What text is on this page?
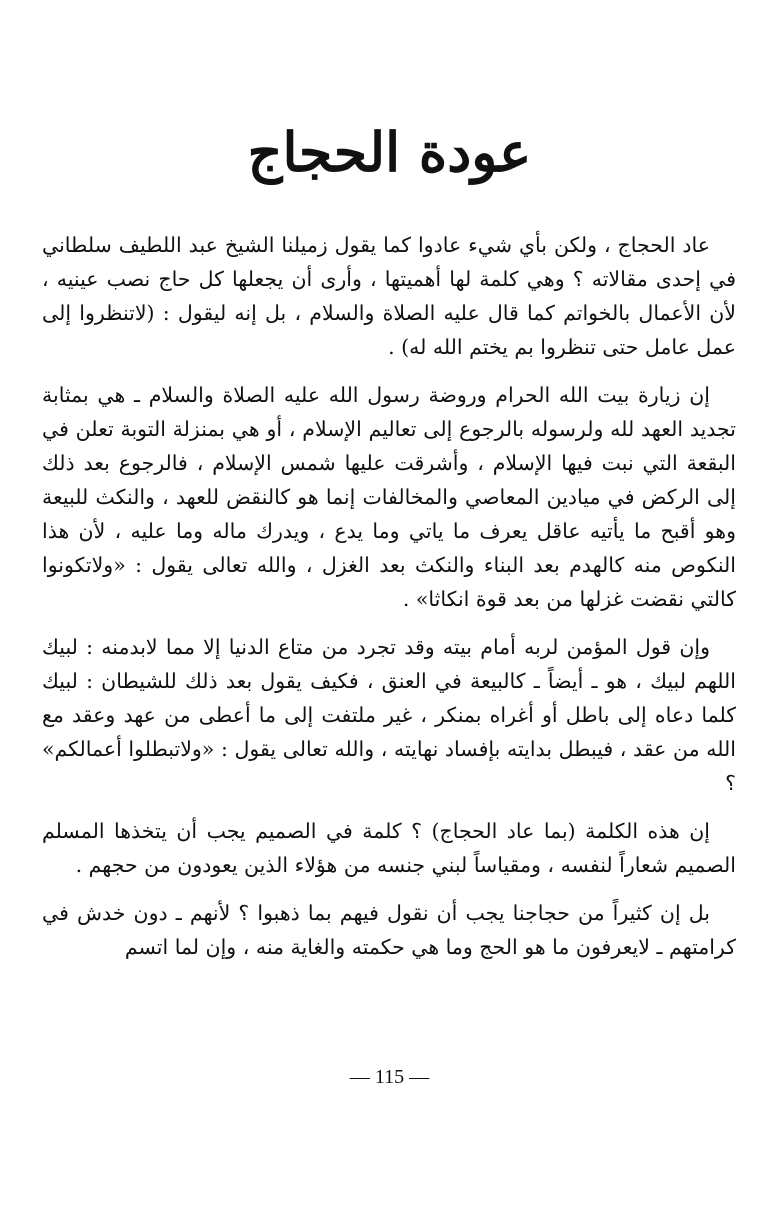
عودة الحجاج

عاد الحجاج ، ولكن بأي شيء عادوا كما يقول زميلنا الشيخ عبد اللطيف سلطاني في إحدى مقالاته ؟ وهي كلمة لها أهميتها ، وأرى أن يجعلها كل حاج نصب عينيه ، لأن الأعمال بالخواتم كما قال عليه الصلاة والسلام ، بل إنه ليقول : (لاتنظروا إلى عمل عامل حتى تنظروا بم يختم الله له) .

إن زيارة بيت الله الحرام وروضة رسول الله عليه الصلاة والسلام ـ هي بمثابة تجديد العهد لله ولرسوله بالرجوع إلى تعاليم الإسلام ، أو هي بمنزلة التوبة تعلن في البقعة التي نبت فيها الإسلام ، وأشرقت عليها شمس الإسلام ، فالرجوع بعد ذلك إلى الركض في ميادين المعاصي والمخالفات إنما هو كالنقض للعهد ، والنكث للبيعة وهو أقبح ما يأتيه عاقل يعرف ما ياتي وما يدع ، ويدرك ماله وما عليه ، لأن هذا النكوص منه كالهدم بعد البناء والنكث بعد الغزل ، والله تعالى يقول : «ولاتكونوا كالتي نقضت غزلها من بعد قوة انكاثا» .

وإن قول المؤمن لربه أمام بيته وقد تجرد من متاع الدنيا إلا مما لابدمنه : لبيك اللهم لبيك ، هو ـ أيضاً ـ كالبيعة في العنق ، فكيف يقول بعد ذلك للشيطان : لبيك كلما دعاه إلى باطل أو أغراه بمنكر ، غير ملتفت إلى ما أعطى من عهد وعقد مع الله من عقد ، فيبطل بدايته بإفساد نهايته ، والله تعالى يقول : «ولاتبطلوا أعمالكم» ؟

إن هذه الكلمة (بما عاد الحجاج) ؟ كلمة في الصميم يجب أن يتخذها المسلم الصميم شعاراً لنفسه ، ومقياساً لبني جنسه من هؤلاء الذين يعودون من حجهم .

بل إن كثيراً من حجاجنا يجب أن نقول فيهم بما ذهبوا ؟ لأنهم ـ دون خدش في كرامتهم ـ لايعرفون ما هو الحج وما هي حكمته والغاية منه ، وإن لما اتسم

— 115 —
